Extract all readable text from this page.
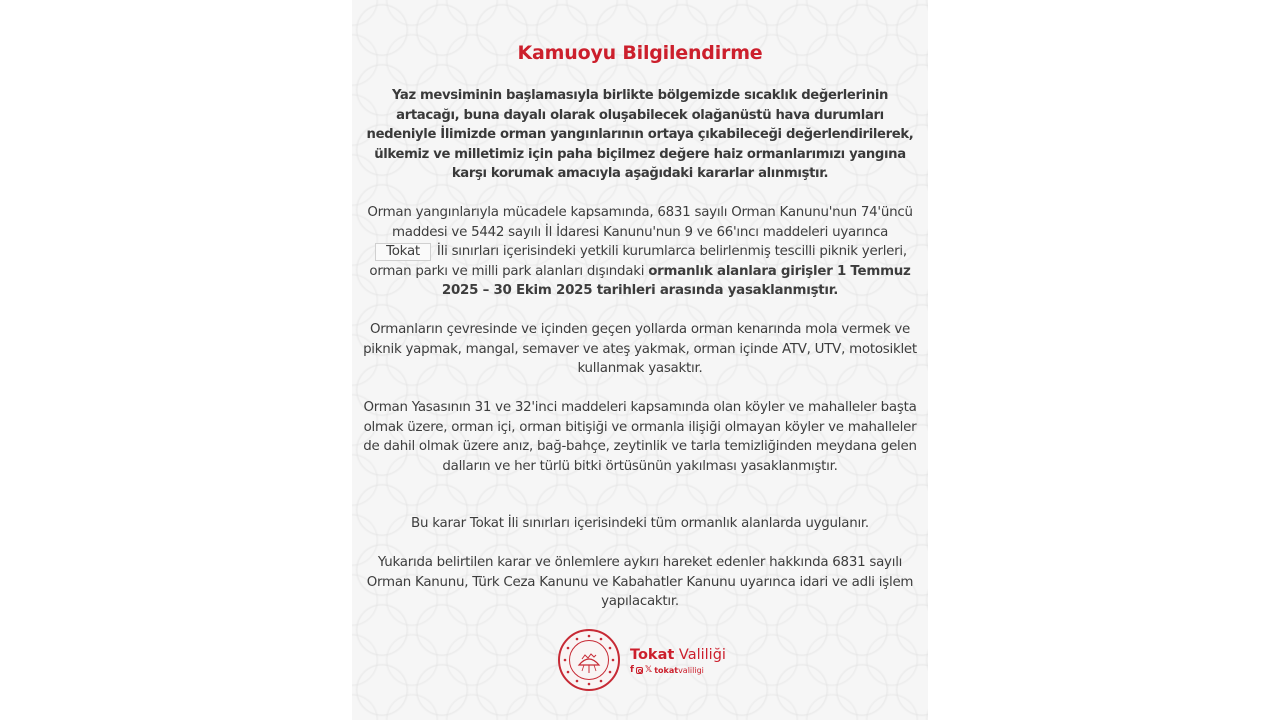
Kamuoyu Bilgilendirme
Yaz mevsiminin başlamasıyla birlikte bölgemizde sıcaklık değerlerinin artacağı, buna dayalı olarak oluşabilecek olağanüstü hava durumları nedeniyle İlimizde orman yangınlarının ortaya çıkabileceği değerlendirilerek, ülkemiz ve milletimiz için paha biçilmez değere haiz ormanlarımızı yangına karşı korumak amacıyla aşağıdaki kararlar alınmıştır.
Orman yangınlarıyla mücadele kapsamında, 6831 sayılı Orman Kanunu'nun 74'üncü maddesi ve 5442 sayılı İl İdaresi Kanunu'nun 9 ve 66'ıncı maddeleri uyarınca Tokat İli sınırları içerisindeki yetkili kurumlarca belirlenmiş tescilli piknik yerleri, orman parkı ve milli park alanları dışındaki ormanlık alanlara girişler 1 Temmuz 2025 – 30 Ekim 2025 tarihleri arasında yasaklanmıştır.
Ormanların çevresinde ve içinden geçen yollarda orman kenarında mola vermek ve piknik yapmak, mangal, semaver ve ateş yakmak, orman içinde ATV, UTV, motosiklet kullanmak yasaktır.
Orman Yasasının 31 ve 32'inci maddeleri kapsamında olan köyler ve mahalleler başta olmak üzere, orman içi, orman bitişiği ve ormanla ilişiği olmayan köyler ve mahalleler de dahil olmak üzere anız, bağ-bahçe, zeytinlik ve tarla temizliğinden meydana gelen dalların ve her türlü bitki örtüsünün yakılması yasaklanmıştır.
Bu karar Tokat İli sınırları içerisindeki tüm ormanlık alanlarda uygulanır.
Yukarıda belirtilen karar ve önlemlere aykırı hareket edenler hakkında 6831 sayılı Orman Kanunu, Türk Ceza Kanunu ve Kabahatler Kanunu uyarınca idari ve adli işlem yapılacaktır.
Tokat Valiliği
f 𝕏 tokatvaliligi
